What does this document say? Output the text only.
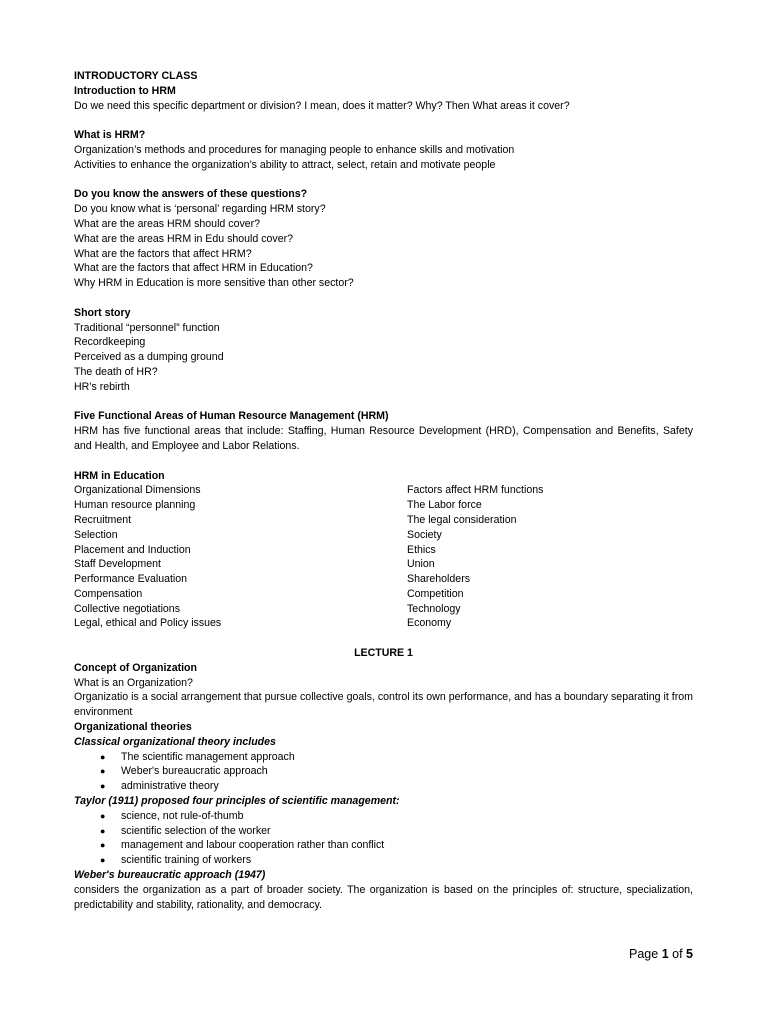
INTRODUCTORY CLASS
Introduction to HRM
Do we need this specific department or division? I mean, does it matter? Why? Then What areas it cover?
What is HRM?
Organization’s methods and procedures for managing people to enhance skills and motivation
Activities to enhance the organization’s ability to attract, select, retain and motivate people
Do you know the answers of these questions?
Do you know what is ‘personal’ regarding HRM story?
What are the areas HRM should cover?
What are the areas HRM in Edu should cover?
What are the factors that affect HRM?
What are the factors that affect HRM in Education?
Why HRM in Education is more sensitive than other sector?
Short story
Traditional “personnel” function
Recordkeeping
Perceived as a dumping ground
The death of HR?
HR’s rebirth
Five Functional Areas of Human Resource Management (HRM)
HRM has five functional areas that include: Staffing, Human Resource Development (HRD), Compensation and Benefits, Safety and Health, and Employee and Labor Relations.
HRM in Education
Organizational Dimensions
Human resource planning
Recruitment
Selection
Placement and Induction
Staff Development
Performance Evaluation
Compensation
Collective negotiations
Legal, ethical and Policy issues
Factors affect HRM functions
The Labor force
The legal consideration
Society
Ethics
Union
Shareholders
Competition
Technology
Economy
LECTURE 1
Concept of Organization
What is an Organization?
Organizatio is a social arrangement that pursue collective goals, control its own performance, and has a boundary separating it from environment
Organizational theories
Classical organizational theory includes
● The scientific management approach
● Weber's bureaucratic approach
● administrative theory
Taylor (1911) proposed four principles of scientific management:
● science, not rule-of-thumb
● scientific selection of the worker
● management and labour cooperation rather than conflict
● scientific training of workers
Weber's bureaucratic approach (1947)
considers the organization as a part of broader society. The organization is based on the principles of: structure, specialization, predictability and stability, rationality, and democracy.
Page 1 of 5
